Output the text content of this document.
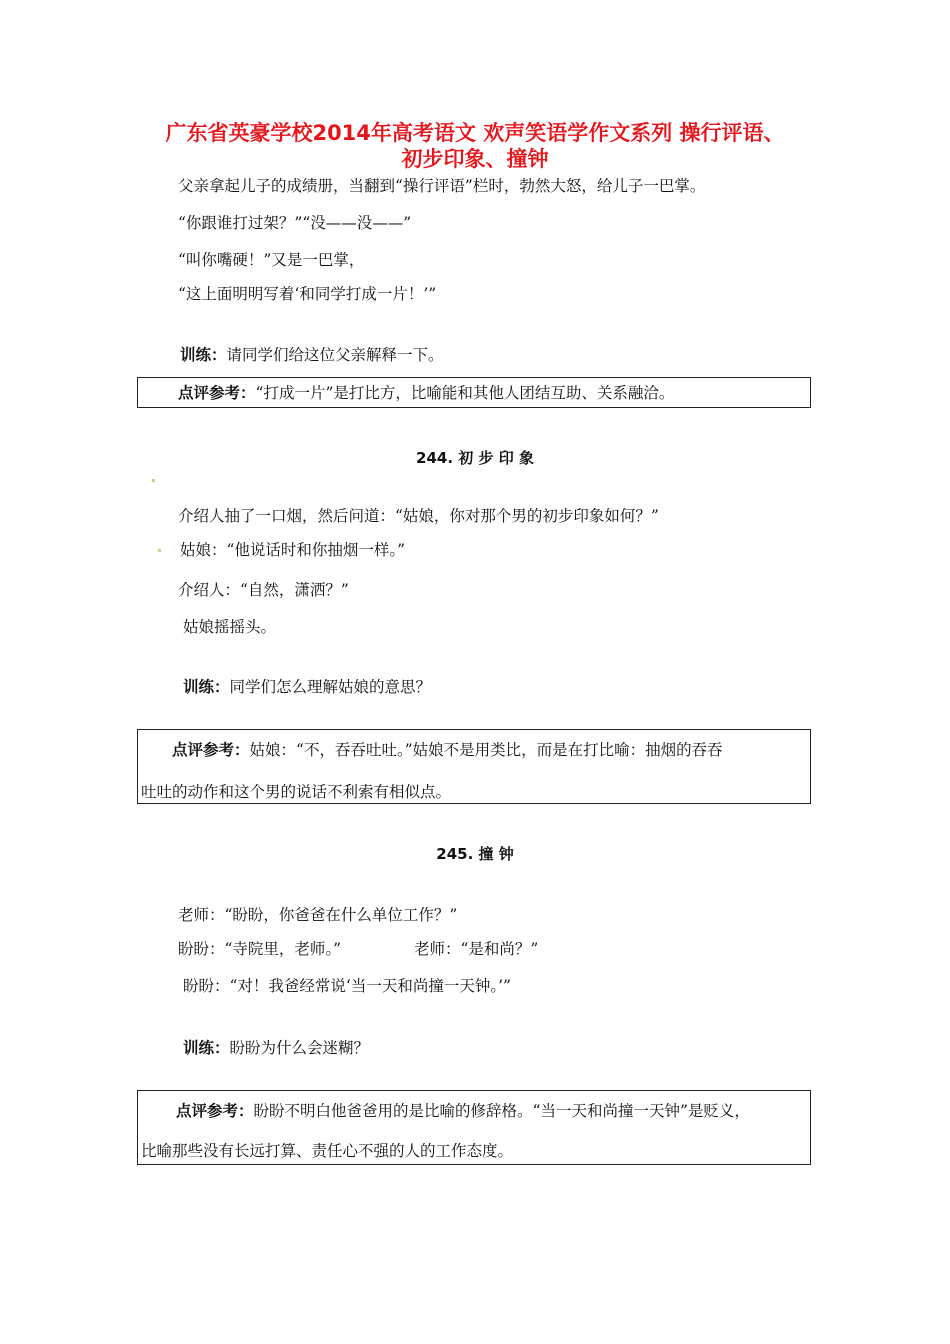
广东省英豪学校2014年高考语文 欢声笑语学作文系列 操行评语、
初步印象、撞钟
父亲拿起儿子的成绩册，当翻到“操行评语”栏时，勃然大怒，给儿子一巴掌。
“你跟谁打过架？”“没——没——”
“叫你嘴硬！”又是一巴掌，
“这上面明明写着‘和同学打成一片！’”
训练：请同学们给这位父亲解释一下。
点评参考：“打成一片”是打比方，比喻能和其他人团结互助、关系融洽。
244. 初 步 印 象
介绍人抽了一口烟，然后问道：“姑娘，你对那个男的初步印象如何？”
姑娘：“他说话时和你抽烟一样。”
介绍人：“自然，潇洒？”
姑娘摇摇头。
训练：同学们怎么理解姑娘的意思？
点评参考：姑娘：“不，吞吞吐吐。”姑娘不是用类比，而是在打比喻：抽烟的吞吞
吐吐的动作和这个男的说话不利索有相似点。
245. 撞 钟
老师：“盼盼，你爸爸在什么单位工作？”
盼盼：“寺院里，老师。”	老师：“是和尚？”
盼盼：“对！我爸经常说‘当一天和尚撞一天钟。’”
训练：盼盼为什么会迷糊？
点评参考：盼盼不明白他爸爸用的是比喻的修辞格。“当一天和尚撞一天钟”是贬义，
比喻那些没有长远打算、责任心不强的人的工作态度。
